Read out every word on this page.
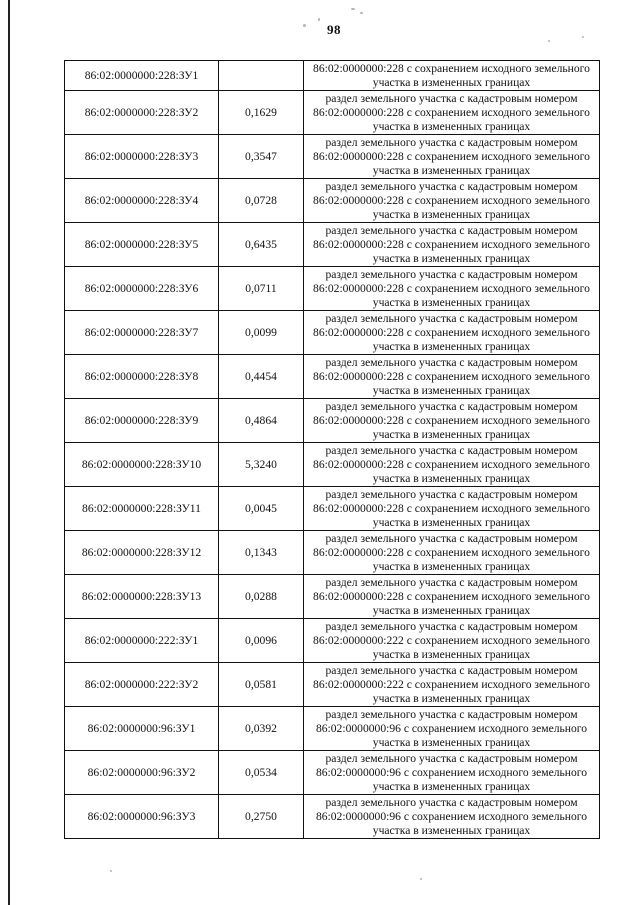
98
86:02:0000000:228:ЗУ1		86:02:0000000:228 с сохранением исходного земельного участка в измененных границах
86:02:0000000:228:ЗУ2	0,1629	раздел земельного участка с кадастровым номером 86:02:0000000:228 с сохранением исходного земельного участка в измененных границах
86:02:0000000:228:ЗУ3	0,3547	раздел земельного участка с кадастровым номером 86:02:0000000:228 с сохранением исходного земельного участка в измененных границах
86:02:0000000:228:ЗУ4	0,0728	раздел земельного участка с кадастровым номером 86:02:0000000:228 с сохранением исходного земельного участка в измененных границах
86:02:0000000:228:ЗУ5	0,6435	раздел земельного участка с кадастровым номером 86:02:0000000:228 с сохранением исходного земельного участка в измененных границах
86:02:0000000:228:ЗУ6	0,0711	раздел земельного участка с кадастровым номером 86:02:0000000:228 с сохранением исходного земельного участка в измененных границах
86:02:0000000:228:ЗУ7	0,0099	раздел земельного участка с кадастровым номером 86:02:0000000:228 с сохранением исходного земельного участка в измененных границах
86:02:0000000:228:ЗУ8	0,4454	раздел земельного участка с кадастровым номером 86:02:0000000:228 с сохранением исходного земельного участка в измененных границах
86:02:0000000:228:ЗУ9	0,4864	раздел земельного участка с кадастровым номером 86:02:0000000:228 с сохранением исходного земельного участка в измененных границах
86:02:0000000:228:ЗУ10	5,3240	раздел земельного участка с кадастровым номером 86:02:0000000:228 с сохранением исходного земельного участка в измененных границах
86:02:0000000:228:ЗУ11	0,0045	раздел земельного участка с кадастровым номером 86:02:0000000:228 с сохранением исходного земельного участка в измененных границах
86:02:0000000:228:ЗУ12	0,1343	раздел земельного участка с кадастровым номером 86:02:0000000:228 с сохранением исходного земельного участка в измененных границах
86:02:0000000:228:ЗУ13	0,0288	раздел земельного участка с кадастровым номером 86:02:0000000:228 с сохранением исходного земельного участка в измененных границах
86:02:0000000:222:ЗУ1	0,0096	раздел земельного участка с кадастровым номером 86:02:0000000:222 с сохранением исходного земельного участка в измененных границах
86:02:0000000:222:ЗУ2	0,0581	раздел земельного участка с кадастровым номером 86:02:0000000:222 с сохранением исходного земельного участка в измененных границах
86:02:0000000:96:ЗУ1	0,0392	раздел земельного участка с кадастровым номером 86:02:0000000:96 с сохранением исходного земельного участка в измененных границах
86:02:0000000:96:ЗУ2	0,0534	раздел земельного участка с кадастровым номером 86:02:0000000:96 с сохранением исходного земельного участка в измененных границах
86:02:0000000:96:ЗУ3	0,2750	раздел земельного участка с кадастровым номером 86:02:0000000:96 с сохранением исходного земельного участка в измененных границах
